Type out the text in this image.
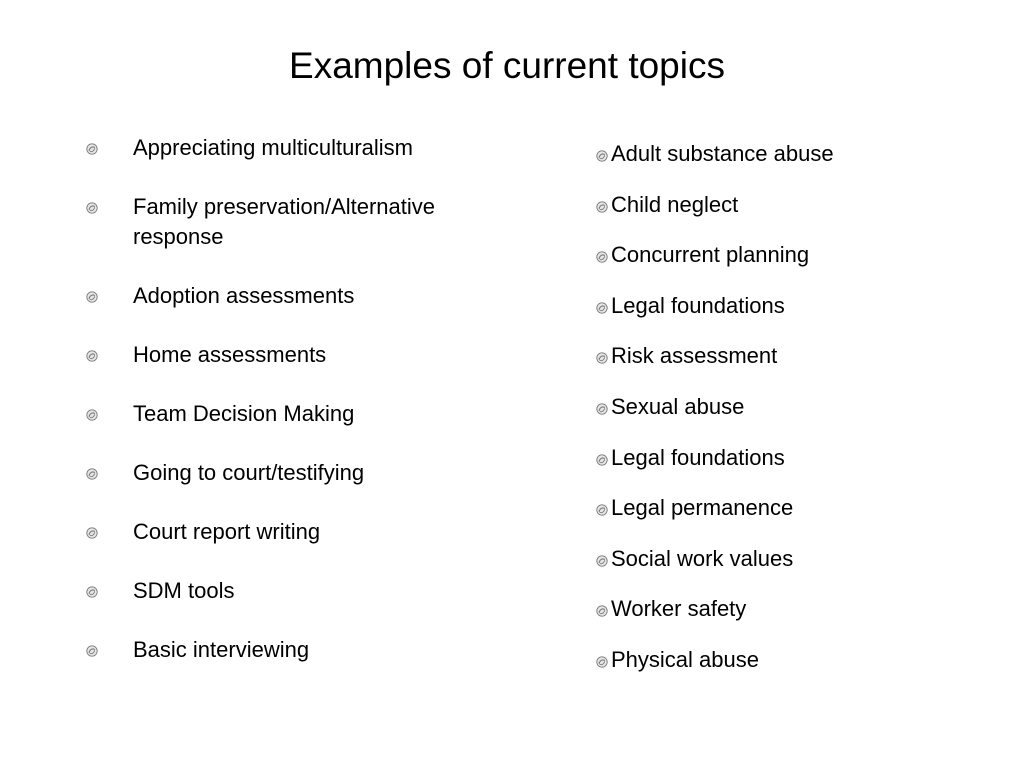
Examples of current topics
Appreciating multiculturalism
Family preservation/Alternative response
Adoption assessments
Home assessments
Team Decision Making
Going to court/testifying
Court report writing
SDM tools
Basic interviewing
Adult substance abuse
Child neglect
Concurrent planning
Legal foundations
Risk assessment
Sexual abuse
Legal foundations
Legal permanence
Social work values
Worker safety
Physical abuse
